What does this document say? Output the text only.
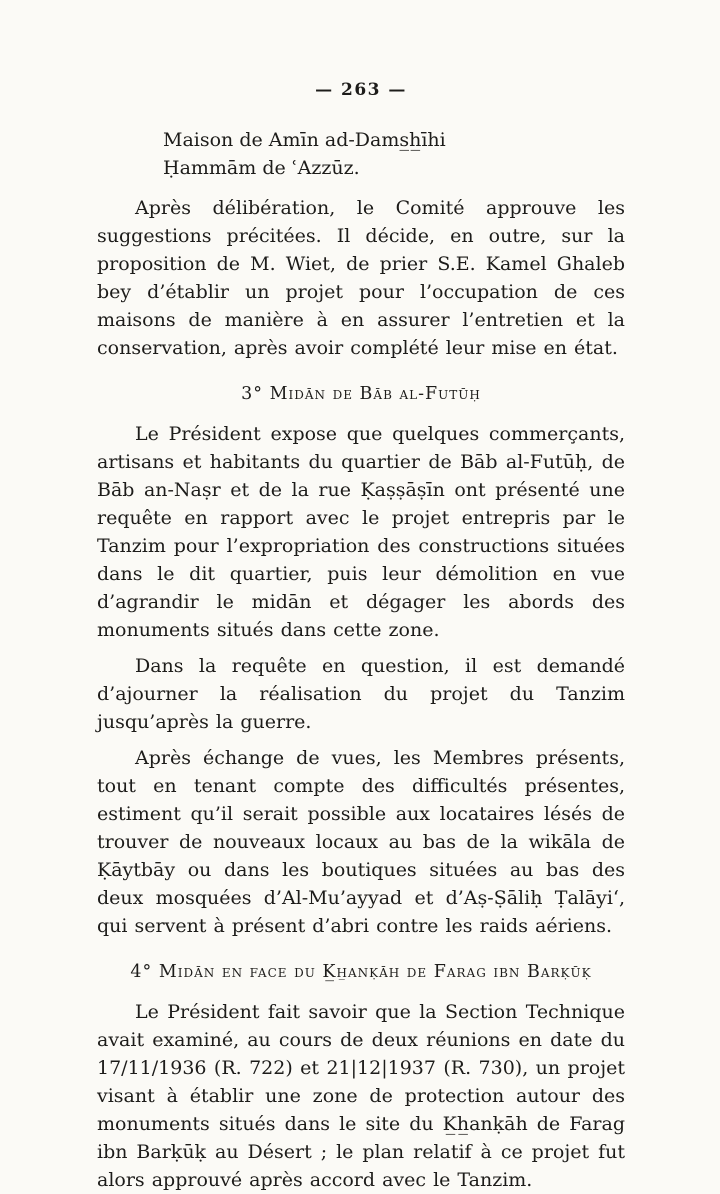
— 263 —
Maison de Amīn ad-Dams̲h̲īhi
Ḥammām de ʿAzzūz.

Après délibération, le Comité approuve les suggestions précitées. Il décide, en outre, sur la proposition de M. Wiet, de prier S.E. Kamel Ghaleb bey d’établir un projet pour l’occupation de ces maisons de manière à en assurer l’entretien et la conservation, après avoir complété leur mise en état.

3° Midān de Bāb al-Futūḥ

Le Président expose que quelques commerçants, artisans et habitants du quartier de Bāb al-Futūḥ, de Bāb an-Naṣr et de la rue Ḳaṣṣāṣīn ont présenté une requête en rapport avec le projet entrepris par le Tanzim pour l’expropriation des constructions situées dans le dit quartier, puis leur démolition en vue d’agrandir le midān et dégager les abords des monuments situés dans cette zone.

Dans la requête en question, il est demandé d’ajourner la réalisation du projet du Tanzim jusqu’après la guerre.

Après échange de vues, les Membres présents, tout en tenant compte des difficultés présentes, estiment qu’il serait possible aux locataires lésés de trouver de nouveaux locaux au bas de la wikāla de Ḳāytbāy ou dans les boutiques situées au bas des deux mosquées d’Al-Mu’ayyad et d’Aṣ-Ṣāliḥ Ṭalāyi‘, qui servent à présent d’abri contre les raids aériens.

4° Midān en face du K̲h̲anḳāh de Farag ibn Barḳūḳ

Le Président fait savoir que la Section Technique avait examiné, au cours de deux réunions en date du 17/11/1936 (R. 722) et 21|12|1937 (R. 730), un projet visant à établir une zone de protection autour des monuments situés dans le site du K̲h̲anḳāh de Farag ibn Barḳūḳ au Désert ; le plan relatif à ce projet fut alors approuvé après accord avec le Tanzim.
